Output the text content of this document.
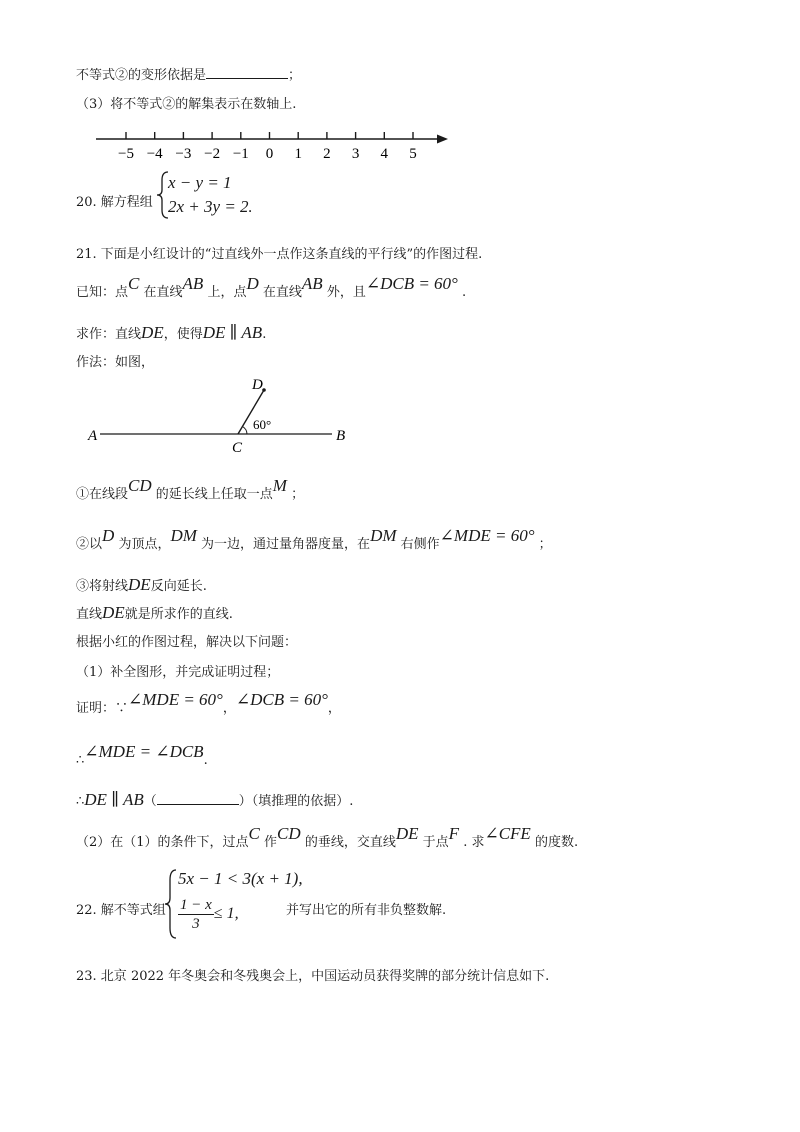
不等式②的变形依据是	；
（3）将不等式②的解集表示在数轴上.
−5 −4 −3 −2 −1 0 1 2 3 4 5
20. 解方程组
x − y = 1
2x + 3y = 2.
21. 下面是小红设计的“过直线外一点作这条直线的平行线”的作图过程.
已知：点C 在直线AB 上，点D 在直线AB 外，且∠DCB = 60° .
求作：直线DE，使得DE ∥ AB.
作法：如图，
A	B
C
D
60°
①在线段CD 的延长线上任取一点M ；
②以D 为顶点，DM 为一边，通过量角器度量，在DM 右侧作∠MDE = 60° ；
③将射线DE反向延长.
直线DE就是所求作的直线.
根据小红的作图过程，解决以下问题：
（1）补全图形，并完成证明过程；
证明：∵∠MDE = 60°，∠DCB = 60°，
∴∠MDE = ∠DCB.
∴DE ∥ AB（	）（填推理的依据）.
（2）在（1）的条件下，过点C 作CD 的垂线，交直线DE 于点F . 求∠CFE 的度数.
22. 解不等式组
5x − 1 < 3(x + 1),
$\frac{1 - x}{3} \le 1$,	并写出它的所有非负整数解.
23. 北京 2022 年冬奥会和冬残奥会上，中国运动员获得奖牌的部分统计信息如下.
